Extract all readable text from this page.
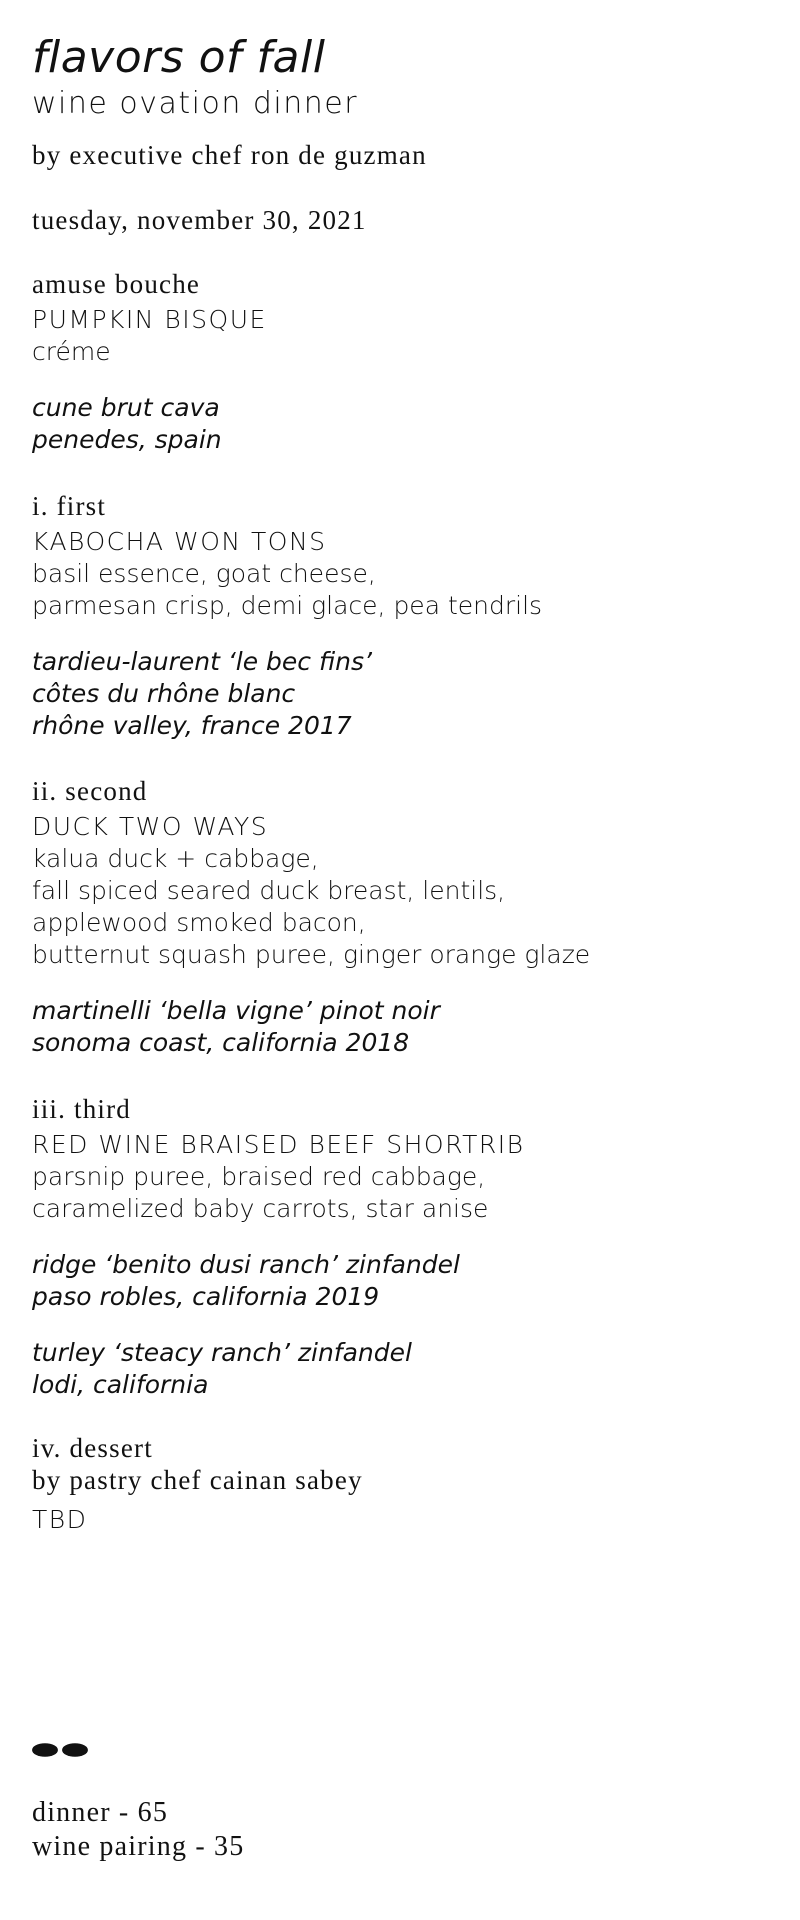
flavors of fall
wine ovation dinner
by executive chef ron de guzman
tuesday, november 30, 2021
amuse bouche
PUMPKIN BISQUE
créme
cune brut cava
penedes, spain
i. first
KABOCHA WON TONS
basil essence, goat cheese,
parmesan crisp, demi glace, pea tendrils
tardieu-laurent ‘le bec fins’
côtes du rhône blanc
rhône valley, france 2017
ii. second
DUCK TWO WAYS
kalua duck + cabbage,
fall spiced seared duck breast, lentils,
applewood smoked bacon,
butternut squash puree, ginger orange glaze
martinelli ‘bella vigne’ pinot noir
sonoma coast, california 2018
iii. third
RED WINE BRAISED BEEF SHORTRIB
parsnip puree, braised red cabbage,
caramelized baby carrots, star anise
ridge ‘benito dusi ranch’ zinfandel
paso robles, california 2019
turley ‘steacy ranch’ zinfandel
lodi, california
iv. dessert
by pastry chef cainan sabey
TBD
dinner - 65
wine pairing - 35
